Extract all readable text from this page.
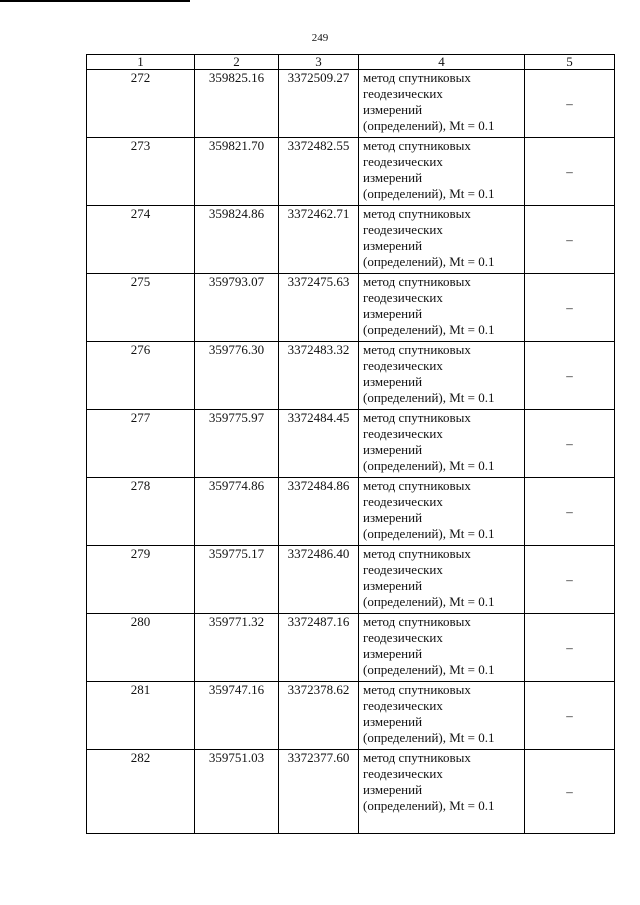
249
1	2	3	4	5
272	359825.16	3372509.27	метод спутниковых
геодезических
измерений
(определений), Mt = 0.1	–
273	359821.70	3372482.55	метод спутниковых
геодезических
измерений
(определений), Mt = 0.1	–
274	359824.86	3372462.71	метод спутниковых
геодезических
измерений
(определений), Mt = 0.1	–
275	359793.07	3372475.63	метод спутниковых
геодезических
измерений
(определений), Mt = 0.1	–
276	359776.30	3372483.32	метод спутниковых
геодезических
измерений
(определений), Mt = 0.1	–
277	359775.97	3372484.45	метод спутниковых
геодезических
измерений
(определений), Mt = 0.1	–
278	359774.86	3372484.86	метод спутниковых
геодезических
измерений
(определений), Mt = 0.1	–
279	359775.17	3372486.40	метод спутниковых
геодезических
измерений
(определений), Mt = 0.1	–
280	359771.32	3372487.16	метод спутниковых
геодезических
измерений
(определений), Mt = 0.1	–
281	359747.16	3372378.62	метод спутниковых
геодезических
измерений
(определений), Mt = 0.1	–
282	359751.03	3372377.60	метод спутниковых
геодезических
измерений
(определений), Mt = 0.1	–
